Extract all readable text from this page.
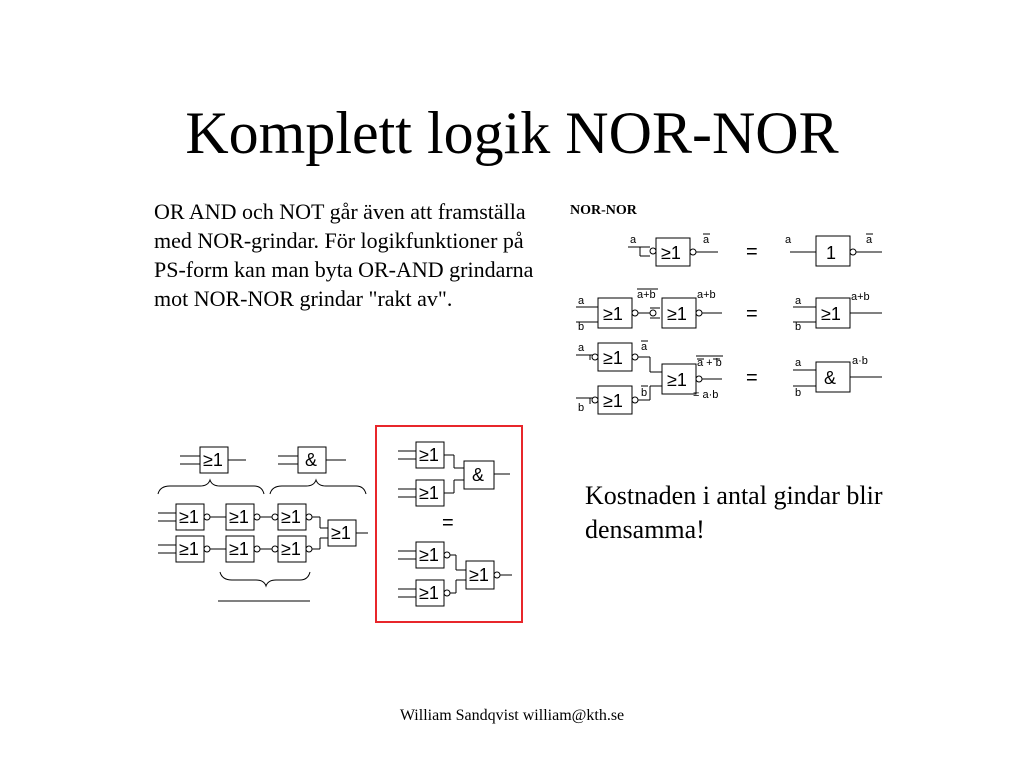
Komplett logik NOR-NOR
OR AND och NOT går även att framställa med NOR-grindar. För logikfunktioner på PS-form kan man byta OR-AND grindarna mot NOR-NOR grindar "rakt av".
Kostnaden i antal gindar blir densamma!
William Sandqvist william@kth.se
NOR-NOR
a
≥1
a
=
a
1
a
a
b
≥1
a+b
≥1
a+b
=
a
b
≥1
a+b
a ≥1
a
b ≥1 b
≥1
a + b
= a·b
=
a
b
&
a·b
≥1	&
≥1 ≥1 ≥1
≥1 ≥1 ≥1
≥1
≥1
≥1
&
=
≥1
≥1
≥1
